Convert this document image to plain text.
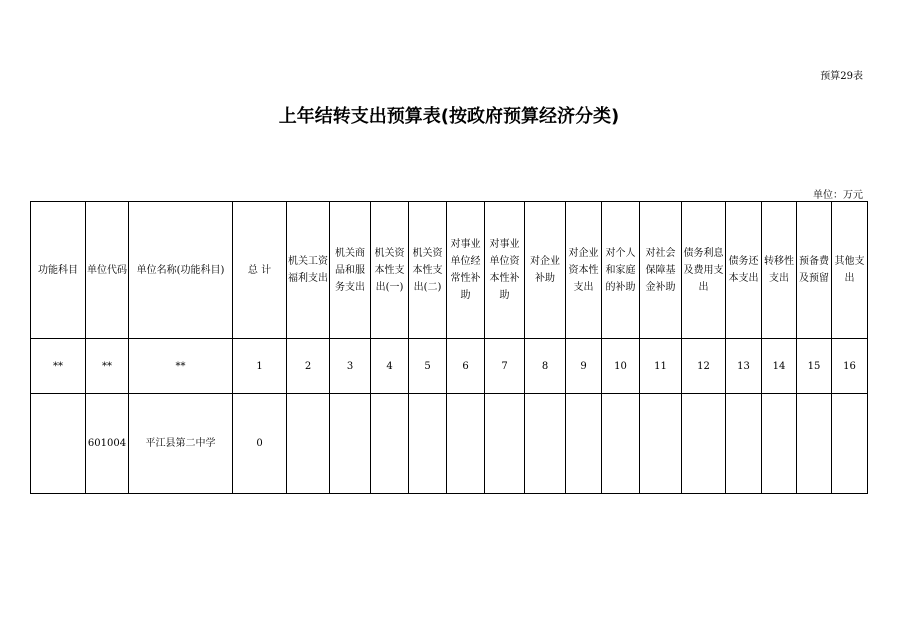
预算29表
上年结转支出预算表(按政府预算经济分类)
单位：万元
功能科目	单位代码	单位名称(功能科目)	总 计	机关工资福利支出	机关商品和服务支出	机关资本性支出(一)	机关资本性支出(二)	对事业单位经常性补助	对事业单位资本性补助	对企业补助	对企业资本性支出	对个人和家庭的补助	对社会保障基金补助	债务利息及费用支出	债务还本支出	转移性支出	预备费及预留	其他支出
**	**	**	1	2	3	4	5	6	7	8	9	10	11	12	13	14	15	16
	601004	平江县第二中学	0															
